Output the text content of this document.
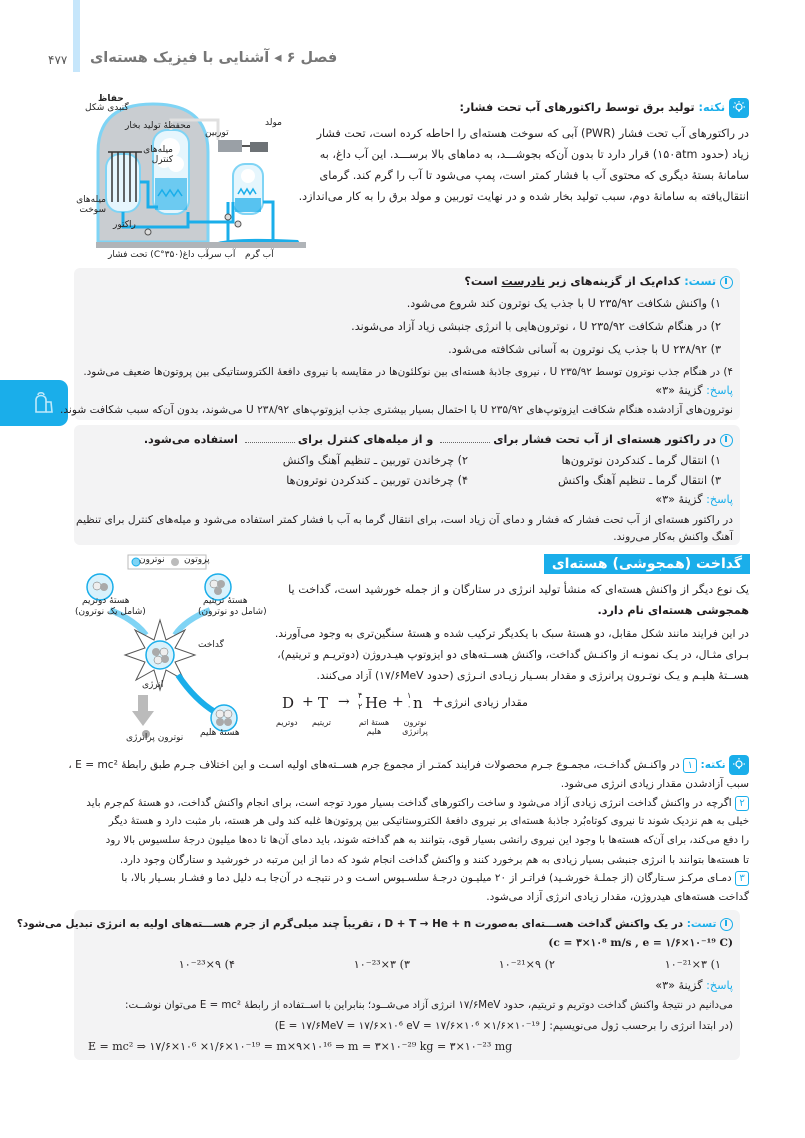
۴۷۷ فصل ۶ ◂ آشنایی با فیزیک هسته‌ای
حفاظ
گنبدی شکل
محفظهٔ تولید بخار
توربین
مولد
میله‌های کنترل
میله‌های سوخت
راکتور
آب گرم
آب سرد
آب داغ(۳۵۰°C) تحت فشار
نکته: تولید برق توسط راکتورهای آب تحت فشار:
در راکتورهای آب تحت فشار (PWR) آبی که سوخت هسته‌ای را احاطه کرده است، تحت فشار
زیاد (حدود ۱۵۰atm) قرار دارد تا بدون آن‌که بجوشـــد، به دماهای بالا برســـد. این آب داغ، به
سامانهٔ بستهٔ دیگری که محتوی آب با فشار کمتر است، پمپ می‌شود تا آب را گرم کند. گرمای
انتقال‌یافته به سامانهٔ دوم، سبب تولید بخار شده و در نهایت توربین و مولد برق را به کار می‌اندازد.
تست: کدام‌یک از گزینه‌های زیر نادرست است؟
۱) واکنش شکافت U ۲۳۵/۹۲ با جذب یک نوترون کند شروع می‌شود.
۲) در هنگام شکافت U ۲۳۵/۹۲ ، نوترون‌هایی با انرژی جنبشی زیاد آزاد می‌شوند.
۳) U ۲۳۸/۹۲ با جذب یک نوترون به آسانی شکافته می‌شود.
۴) در هنگام جذب نوترون توسط U ۲۳۵/۹۲ ، نیروی جاذبهٔ هسته‌ای بین نوکلئون‌ها در مقایسه با نیروی دافعهٔ الکتروستاتیکی بین پروتون‌ها ضعیف می‌شود.
پاسخ: گزینهٔ «۳»
نوترون‌های آزادشده هنگام شکافت ایزوتوپ‌های U ۲۳۵/۹۲ با احتمال بسیار بیشتری جذب ایزوتوپ‌های U ۲۳۸/۹۲ می‌شوند، بدون آن‌که سبب شکافت شوند.
در راکتور هسته‌ای از آب تحت فشار برای و از میله‌های کنترل برای استفاده می‌شود.
۱) انتقال گرما ـ کندکردن نوترون‌ها
۲) چرخاندن توربین ـ تنظیم آهنگ واکنش
۳) انتقال گرما ـ تنظیم آهنگ واکنش
۴) چرخاندن توربین ـ کندکردن نوترون‌ها
پاسخ: گزینهٔ «۳»
در راکتور هسته‌ای از آب تحت فشار که فشار و دمای آن زیاد است، برای انتقال گرما به آب با فشار کمتر استفاده می‌شود و میله‌های کنترل برای تنظیم
آهنگ واکنش به‌کار می‌روند.
گداخت (همجوشی) هسته‌ای
یک نوع دیگر از واکنش هسته‌ای که منشأ تولید انرژی در ستارگان و از جمله خورشید است، گداخت یا
همجوشی هسته‌ای نام دارد.
در این فرایند مانند شکل مقابل، دو هستهٔ سبک با یکدیگر ترکیب شده و هستهٔ سنگین‌تری به وجود می‌آورند.
بـرای مثـال، در یـک نمونـه از واکنـش گداخت، واکنش هســته‌های دو ایزوتوپ هیـدروژن (دوتریـم و تریتیم)،
هســتهٔ هلیـم و یـک نوتـرون پرانرژی و مقدار بسـیار زیـادی انـرژی (حدود ۱۷/۶MeV) آزاد می‌کنند.
D + T → ۴
۲ He + ۱
۰ n + مقدار زیادی انرژی
دوتریم تریتیم	هستهٔ اتم هلیم
نوترون پرانرژی
نوترون پروتون
هستهٔ دوتریم
(شامل یک نوترون)
هستهٔ تریتیم
(شامل دو نوترون)
گداخت
انرژی
هستهٔ هلیم
نوترون پرانرژی
نکته: ۱ در واکنـش گداخـت، مجمـوع جـرم محصولات فرایند کمتـر از مجموع جرم هســته‌های اولیه اسـت و این اختلاف جـرم طبق رابطهٔ E = mc² ،
سبب آزادشدن مقدار زیادی انرژی می‌شود.
۲ اگرچه در واکنش گداخت انرژی زیادی آزاد می‌شود و ساخت راکتورهای گداخت بسیار مورد توجه است، برای انجام واکنش گداخت، دو هستهٔ کم‌جرم باید
خیلی به هم نزدیک شوند تا نیروی کوتاه‌بُرد جاذبهٔ هسته‌ای بر نیروی دافعهٔ الکتروستاتیکی بین پروتون‌ها غلبه کند ولی هر هسته، بار مثبت دارد و هستهٔ دیگر
را دفع می‌کند، برای آن‌که هسته‌ها با وجود این نیروی رانشی بسیار قوی، بتوانند به هم گداخته شوند، باید دمای آن‌ها تا ده‌ها میلیون درجهٔ سلسیوس بالا رود
تا هسته‌ها بتوانند با انرژی جنبشی بسیار زیادی به هم برخورد کنند و واکنش گداخت انجام شود که دما از این مرتبه در خورشید و ستارگان وجود دارد.
۳ دمـای مرکـز سـتارگان (از جملـهٔ خورشـید) فراتـر از ۲۰ میلیـون درجـهٔ سلسـیوس اسـت و در نتیجـه در آن‌جا بـه دلیل دما و فشـار بسـیار بالا، با
گداخت هسته‌های هیدروژن، مقدار زیادی انرژی آزاد می‌شود.
تست: در یک واکنش گداخت هســـته‌ای به‌صورت D + T → He + n ، تقریباً چند میلی‌گرم از جرم هســـته‌های اولیه به انرژی تبدیل می‌شود؟
(c = ۳×۱۰⁸ m/s , e = ۱/۶×۱۰⁻¹⁹ C)
۱) ۳×۱۰⁻²¹
۲) ۹×۱۰⁻²¹
۳) ۳×۱۰⁻²³
۴) ۹×۱۰⁻²³
پاسخ: گزینهٔ «۳»
می‌دانیم در نتیجهٔ واکنش گداخت دوتریم و تریتیم، حدود ۱۷/۶MeV انرژی آزاد می‌شــود؛ بنابراین با اســتفاده از رابطهٔ E = mc² می‌توان نوشــت:
(در ابتدا انرژی را برحسب ژول می‌نویسیم: E = ۱۷/۶MeV = ۱۷/۶×۱۰⁶ eV = ۱۷/۶×۱۰⁶ ×۱/۶×۱۰⁻¹⁹ J)
E = mc² ⇒ ۱۷/۶×۱۰⁶ ×۱/۶×۱۰⁻¹⁹ = m×۹×۱۰¹⁶ ⇒ m = ۳×۱۰⁻²⁹ kg = ۳×۱۰⁻²³ mg
